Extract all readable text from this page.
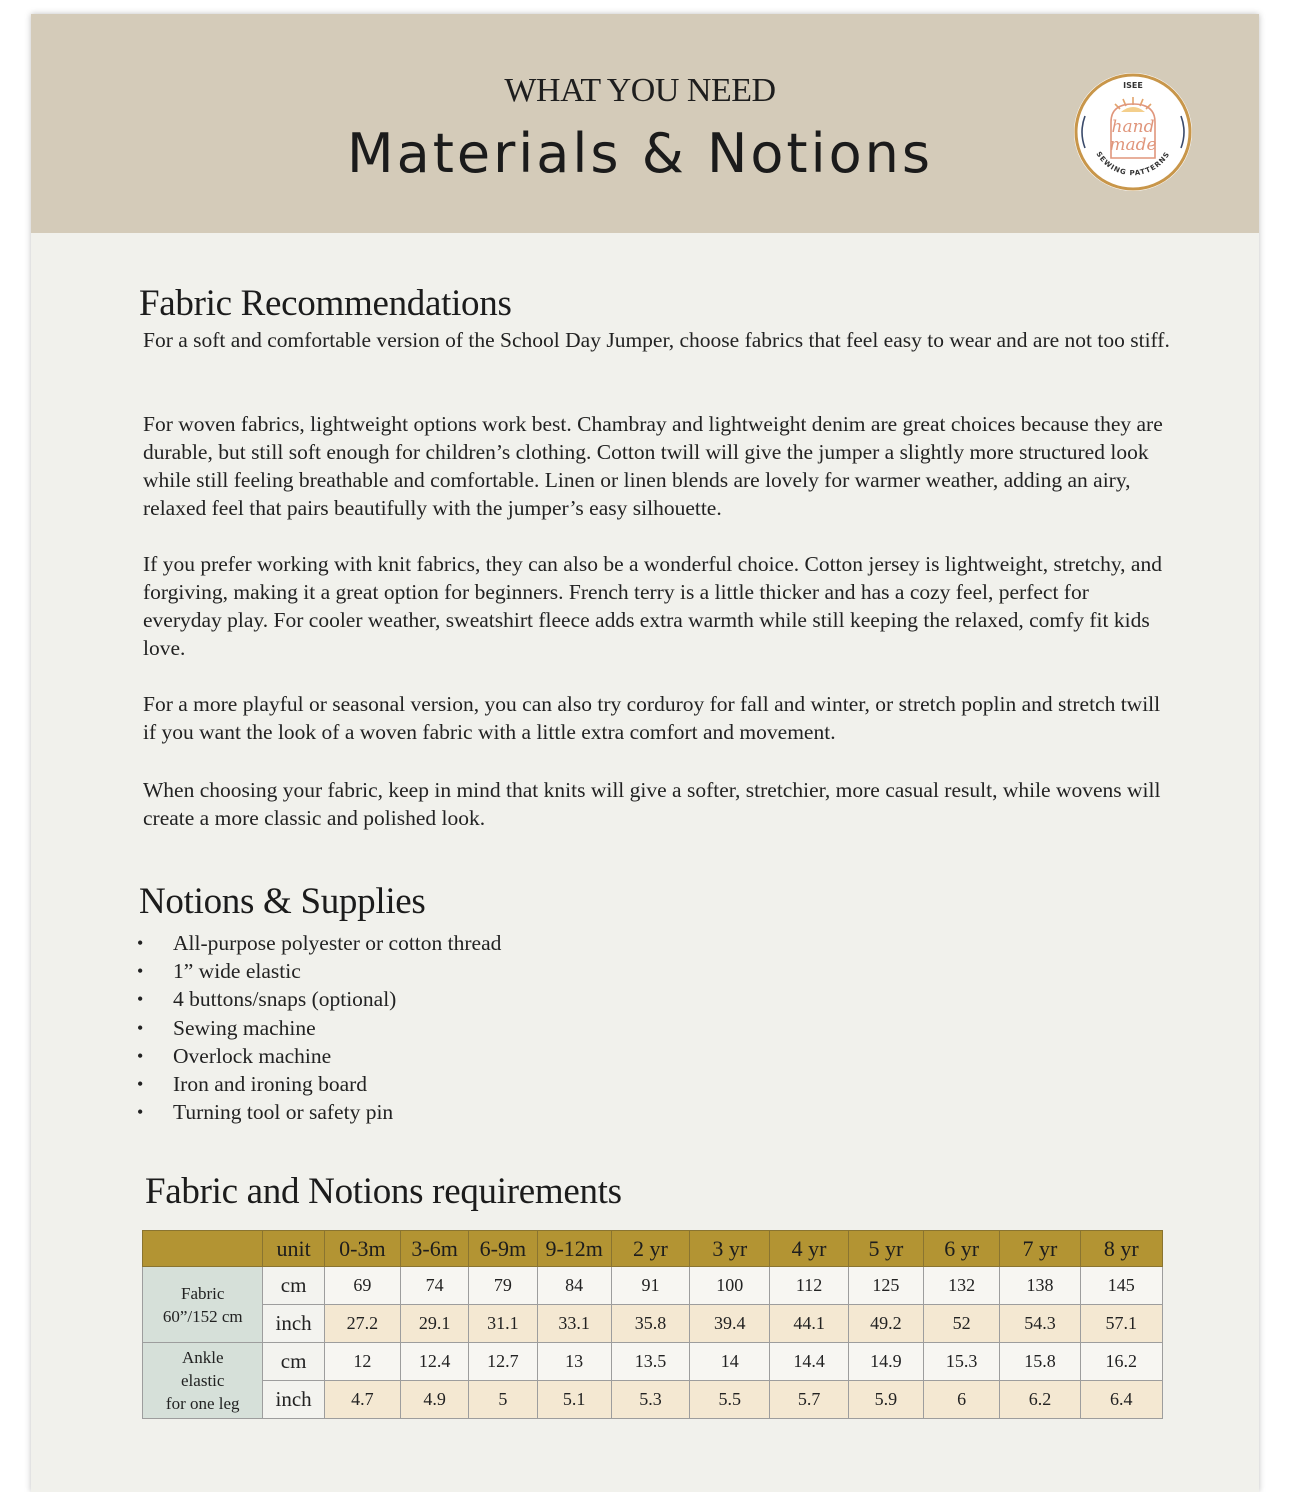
WHAT YOU NEED
Materials & Notions
ISEE
hand
made
SEWING PATTERNS
Fabric Recommendations

For a soft and comfortable version of the School Day Jumper, choose fabrics that feel easy to wear and are not too stiff.

For woven fabrics, lightweight options work best. Chambray and lightweight denim are great choices because they are durable, but still soft enough for children’s clothing. Cotton twill will give the jumper a slightly more structured look while still feeling breathable and comfortable. Linen or linen blends are lovely for warmer weather, adding an airy, relaxed feel that pairs beautifully with the jumper’s easy silhouette.

If you prefer working with knit fabrics, they can also be a wonderful choice. Cotton jersey is lightweight, stretchy, and forgiving, making it a great option for beginners. French terry is a little thicker and has a cozy feel, perfect for everyday play. For cooler weather, sweatshirt fleece adds extra warmth while still keeping the relaxed, comfy fit kids love.

For a more playful or seasonal version, you can also try corduroy for fall and winter, or stretch poplin and stretch twill if you want the look of a woven fabric with a little extra comfort and movement.

When choosing your fabric, keep in mind that knits will give a softer, stretchier, more casual result, while wovens will create a more classic and polished look.

Notions & Supplies
• All-purpose polyester or cotton thread
• 1” wide elastic
• 4 buttons/snaps (optional)
• Sewing machine
• Overlock machine
• Iron and ironing board
• Turning tool or safety pin
Fabric and Notions requirements
	unit	0-3m	3-6m	6-9m	9-12m	2 yr	3 yr	4 yr	5 yr	6 yr	7 yr	8 yr
Fabric
60”/152 cm	cm	69	74	79	84	91	100	112	125	132	138	145
	inch	27.2	29.1	31.1	33.1	35.8	39.4	44.1	49.2	52	54.3	57.1
Ankle
elastic
for one leg	cm	12	12.4	12.7	13	13.5	14	14.4	14.9	15.3	15.8	16.2
	inch	4.7	4.9	5	5.1	5.3	5.5	5.7	5.9	6	6.2	6.4
